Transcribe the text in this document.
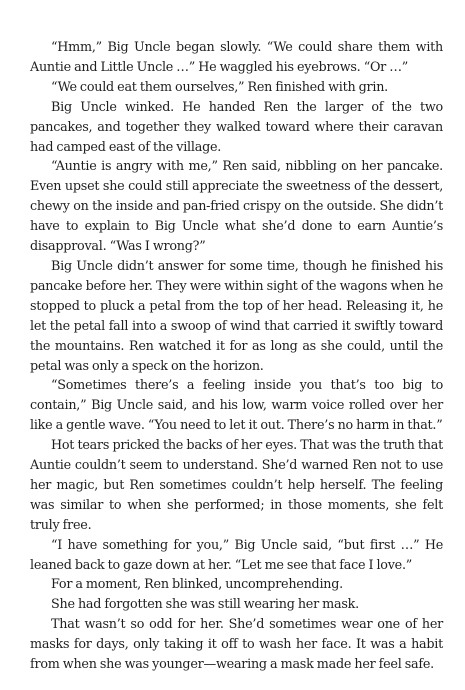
“Hmm,” Big Uncle began slowly. “We could share them with Auntie and Little Uncle …” He waggled his eyebrows. “Or …”

“We could eat them ourselves,” Ren finished with grin.

Big Uncle winked. He handed Ren the larger of the two pancakes, and together they walked toward where their caravan had camped east of the village.

“Auntie is angry with me,” Ren said, nibbling on her pancake. Even upset she could still appreciate the sweetness of the dessert, chewy on the inside and pan-fried crispy on the outside. She didn’t have to explain to Big Uncle what she’d done to earn Auntie’s disapproval. “Was I wrong?”

Big Uncle didn’t answer for some time, though he finished his pancake before her. They were within sight of the wagons when he stopped to pluck a petal from the top of her head. Releasing it, he let the petal fall into a swoop of wind that carried it swiftly toward the mountains. Ren watched it for as long as she could, until the petal was only a speck on the horizon.

“Sometimes there’s a feeling inside you that’s too big to contain,” Big Uncle said, and his low, warm voice rolled over her like a gentle wave. “You need to let it out. There’s no harm in that.”

Hot tears pricked the backs of her eyes. That was the truth that Auntie couldn’t seem to understand. She’d warned Ren not to use her magic, but Ren sometimes couldn’t help herself. The feeling was similar to when she performed; in those moments, she felt truly free.

“I have something for you,” Big Uncle said, “but first …” He leaned back to gaze down at her. “Let me see that face I love.”

For a moment, Ren blinked, uncomprehending.

She had forgotten she was still wearing her mask.

That wasn’t so odd for her. She’d sometimes wear one of her masks for days, only taking it off to wash her face. It was a habit from when she was younger—wearing a mask made her feel safe.
